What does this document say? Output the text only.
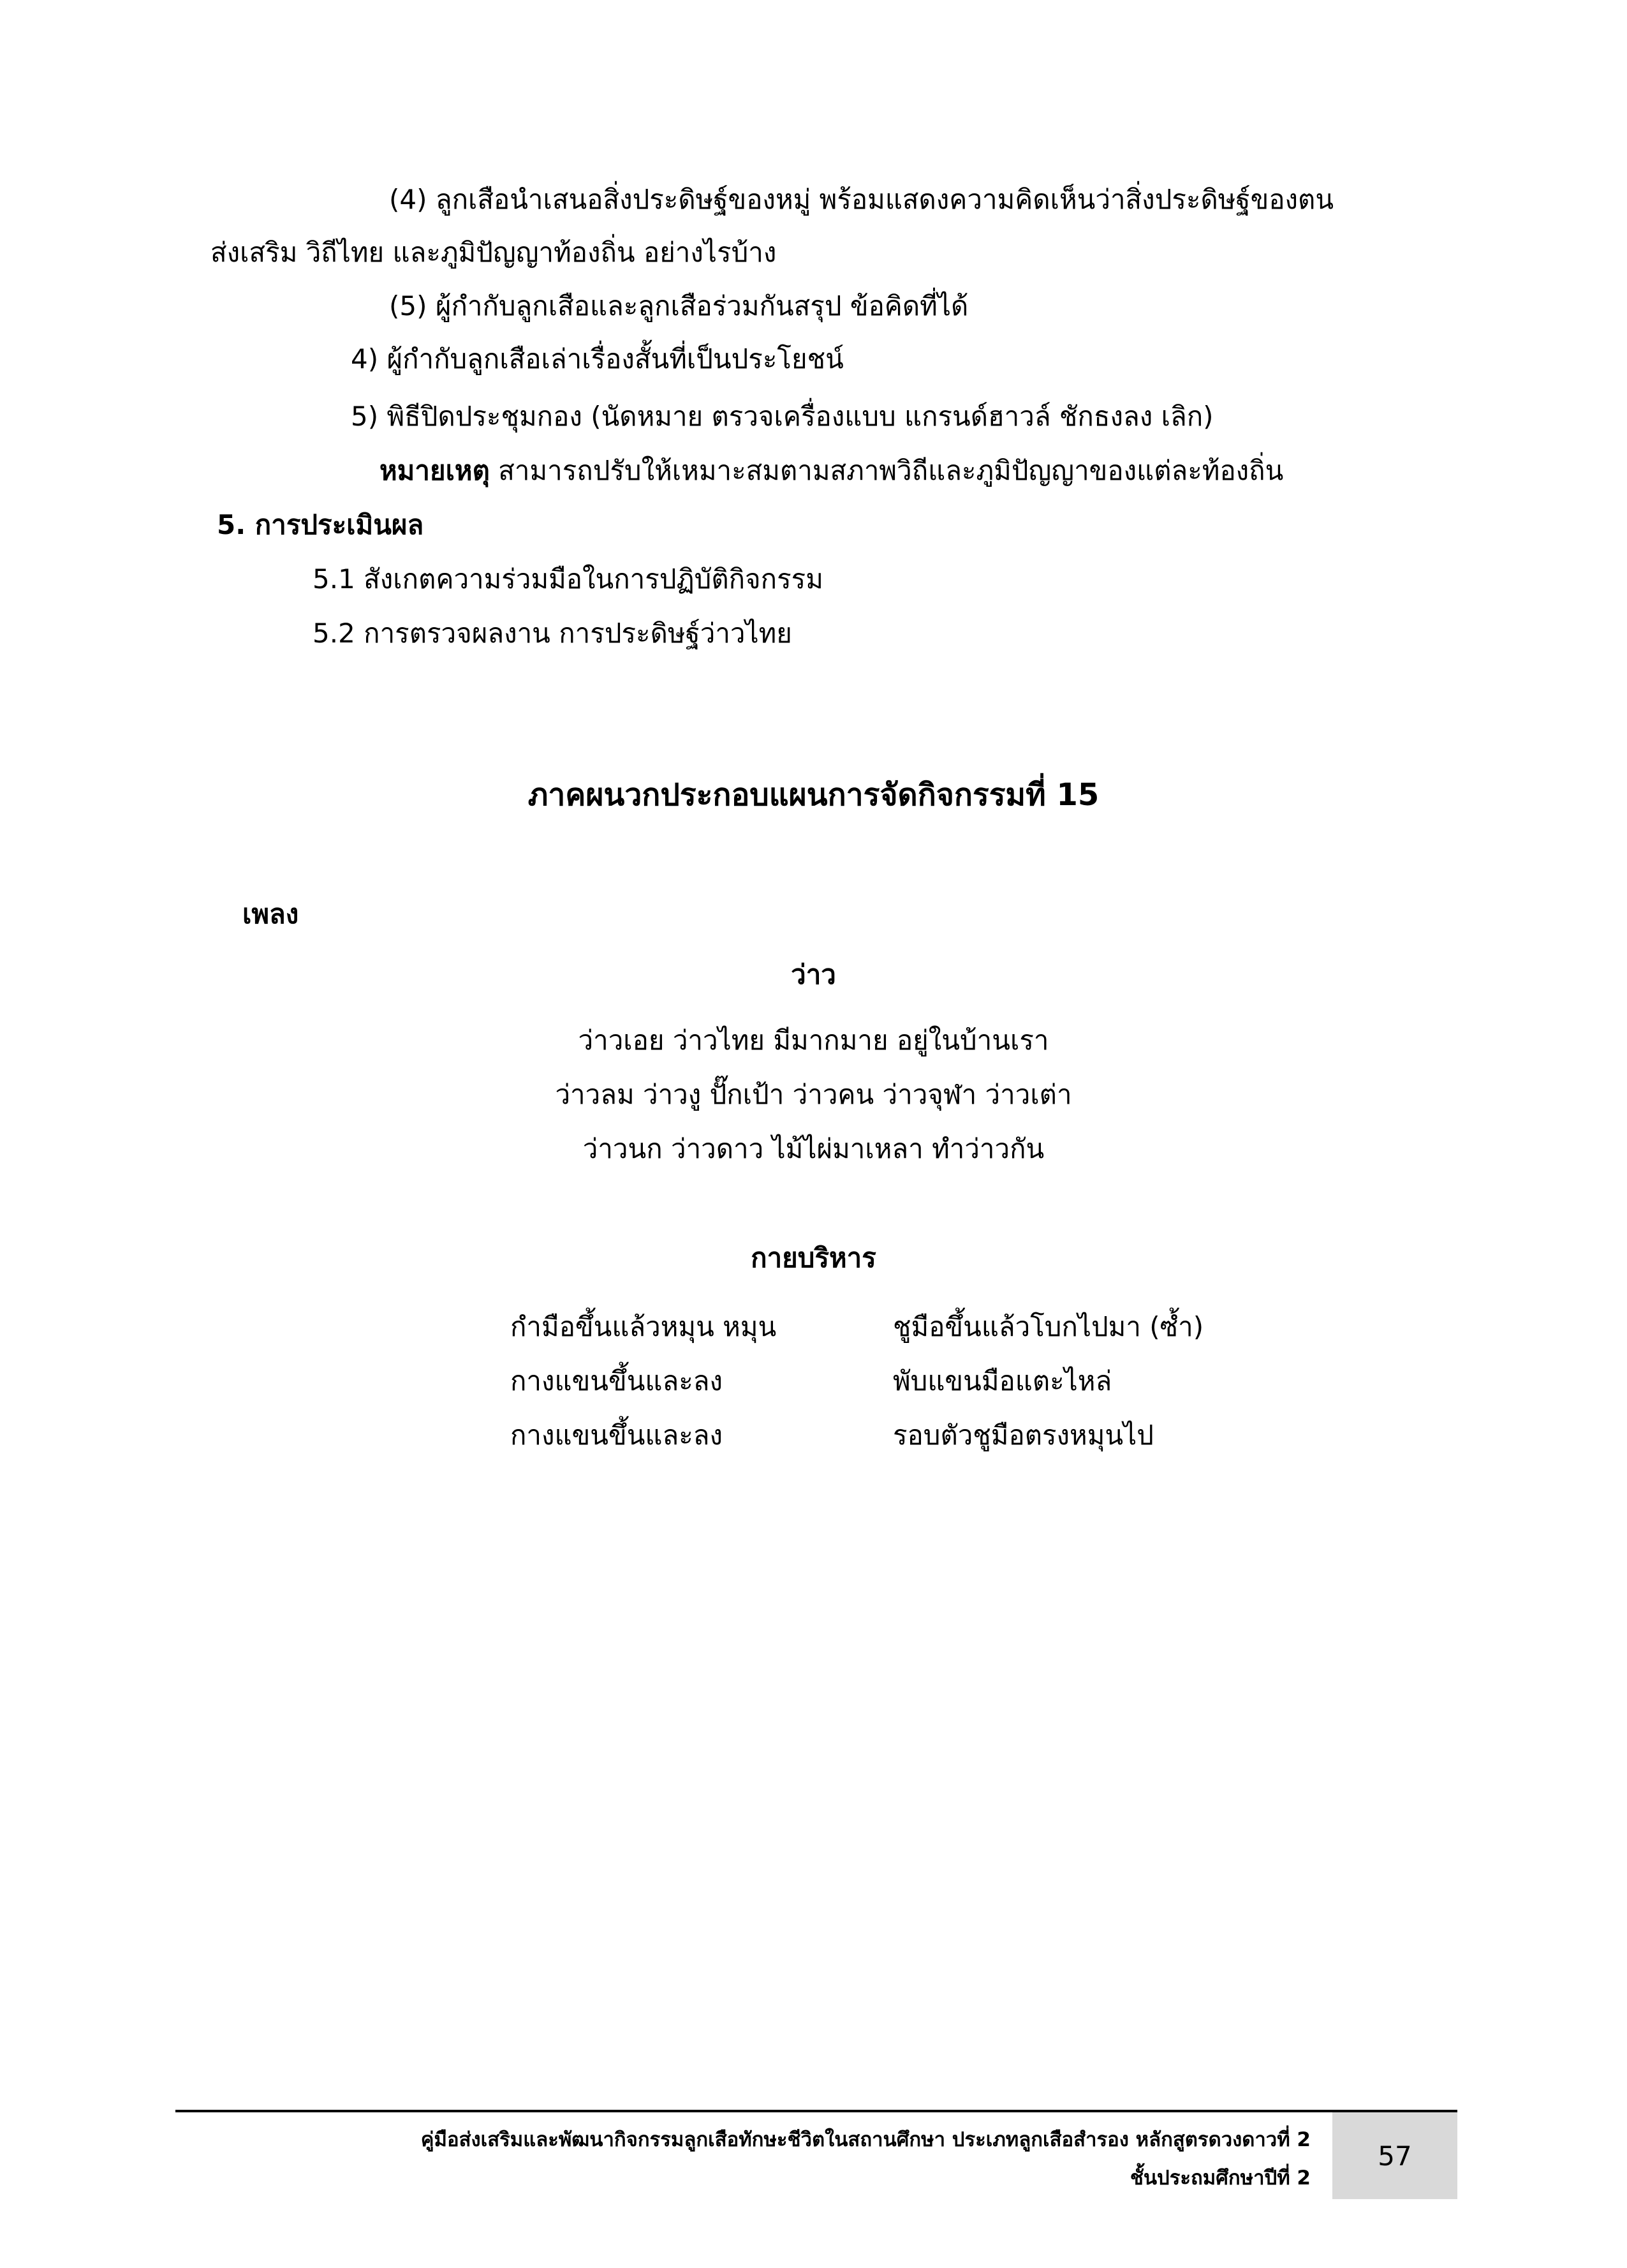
(4) ลูกเสือนำเสนอสิ่งประดิษฐ์ของหมู่ พร้อมแสดงความคิดเห็นว่าสิ่งประดิษฐ์ของตน
ส่งเสริม วิถีไทย และภูมิปัญญาท้องถิ่น อย่างไรบ้าง
(5) ผู้กำกับลูกเสือและลูกเสือร่วมกันสรุป ข้อคิดที่ได้
4) ผู้กำกับลูกเสือเล่าเรื่องสั้นที่เป็นประโยชน์
5) พิธีปิดประชุมกอง (นัดหมาย ตรวจเครื่องแบบ แกรนด์ฮาวล์ ชักธงลง เลิก)
หมายเหตุ สามารถปรับให้เหมาะสมตามสภาพวิถีและภูมิปัญญาของแต่ละท้องถิ่น
5. การประเมินผล
5.1 สังเกตความร่วมมือในการปฏิบัติกิจกรรม
5.2 การตรวจผลงาน การประดิษฐ์ว่าวไทย
ภาคผนวกประกอบแผนการจัดกิจกรรมที่ 15
เพลง
ว่าว
ว่าวเอย ว่าวไทย มีมากมาย อยู่ในบ้านเรา
ว่าวลม ว่าวงู ปั๊กเป้า ว่าวคน ว่าวจุฬา ว่าวเต่า
ว่าวนก ว่าวดาว ไม้ไผ่มาเหลา ทำว่าวกัน
กายบริหาร
กำมือขึ้นแล้วหมุน หมุน
กางแขนขึ้นและลง
กางแขนขึ้นและลง
ชูมือขึ้นแล้วโบกไปมา (ซ้ำ)
พับแขนมือแตะไหล่
รอบตัวชูมือตรงหมุนไป
คู่มือส่งเสริมและพัฒนากิจกรรมลูกเสือทักษะชีวิตในสถานศึกษา ประเภทลูกเสือสำรอง หลักสูตรดวงดาวที่ 2
ชั้นประถมศึกษาปีที่ 2
57
